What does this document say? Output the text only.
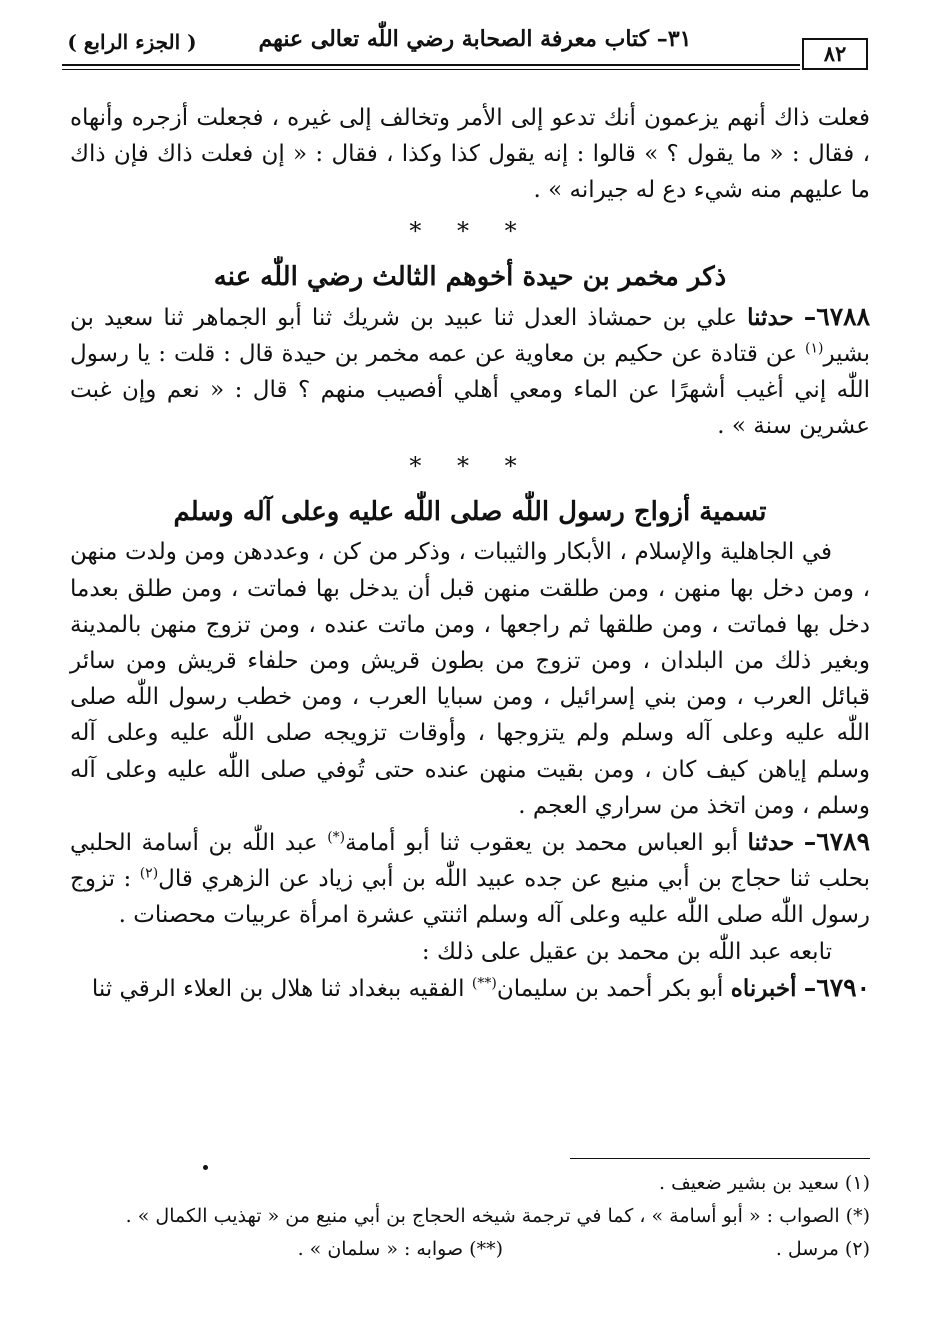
٣١– كتاب معرفة الصحابة رضي اللّٰه تعالى عنهم
( الجزء الرابع )	٨٢

فعلت ذاك أنهم يزعمون أنك تدعو إلى الأمر وتخالف إلى غيره ، فجعلت أزجره وأنهاه ، فقال : « ما يقول ؟ » قالوا : إنه يقول كذا وكذا ، فقال : « إن فعلت ذاك فإن ذاك ما عليهم منه شيء دع له جيرانه » .

* * *
ذكر مخمر بن حيدة أخوهم الثالث رضي اللّٰه عنه

٦٧٨٨– حدثنا علي بن حمشاذ العدل ثنا عبيد بن شريك ثنا أبو الجماهر ثنا سعيد بن بشير$^{(١)}$ عن قتادة عن حكيم بن معاوية عن عمه مخمر بن حيدة قال : قلت : يا رسول اللّٰه إني أغيب أشهرًا عن الماء ومعي أهلي أفصيب منهم ؟ قال : « نعم وإن غبت عشرين سنة » .

* * *
تسمية أزواج رسول اللّٰه صلى اللّٰه عليه وعلى آله وسلم

في الجاهلية والإسلام ، الأبكار والثيبات ، وذكر من كن ، وعددهن ومن ولدت منهن ، ومن دخل بها منهن ، ومن طلقت منهن قبل أن يدخل بها فماتت ، ومن طلق بعدما دخل بها فماتت ، ومن طلقها ثم راجعها ، ومن ماتت عنده ، ومن تزوج منهن بالمدينة وبغير ذلك من البلدان ، ومن تزوج من بطون قريش ومن حلفاء قريش ومن سائر قبائل العرب ، ومن بني إسرائيل ، ومن سبايا العرب ، ومن خطب رسول اللّٰه صلى اللّٰه عليه وعلى آله وسلم ولم يتزوجها ، وأوقات تزويجه صلى اللّٰه عليه وعلى آله وسلم إياهن كيف كان ، ومن بقيت منهن عنده حتى تُوفي صلى اللّٰه عليه وعلى آله وسلم ، ومن اتخذ من سراري العجم .

٦٧٨٩– حدثنا أبو العباس محمد بن يعقوب ثنا أبو أمامة(*) عبد اللّٰه بن أسامة الحلبي بحلب ثنا حجاج بن أبي منيع عن جده عبيد اللّٰه بن أبي زياد عن الزهري قال$^{(٢)}$ : تزوج رسول اللّٰه صلى اللّٰه عليه وعلى آله وسلم اثنتي عشرة امرأة عربيات محصنات .

تابعه عبد اللّٰه بن محمد بن عقيل على ذلك :

٦٧٩٠– أخبرناه أبو بكر أحمد بن سليمان(**) الفقيه ببغداد ثنا هلال بن العلاء الرقي ثنا

(١) سعيد بن بشير ضعيف .
(*) الصواب : « أبو أسامة » ، كما في ترجمة شيخه الحجاج بن أبي منيع من « تهذيب الكمال » .
(٢) مرسل .
(**) صوابه : « سلمان » .
